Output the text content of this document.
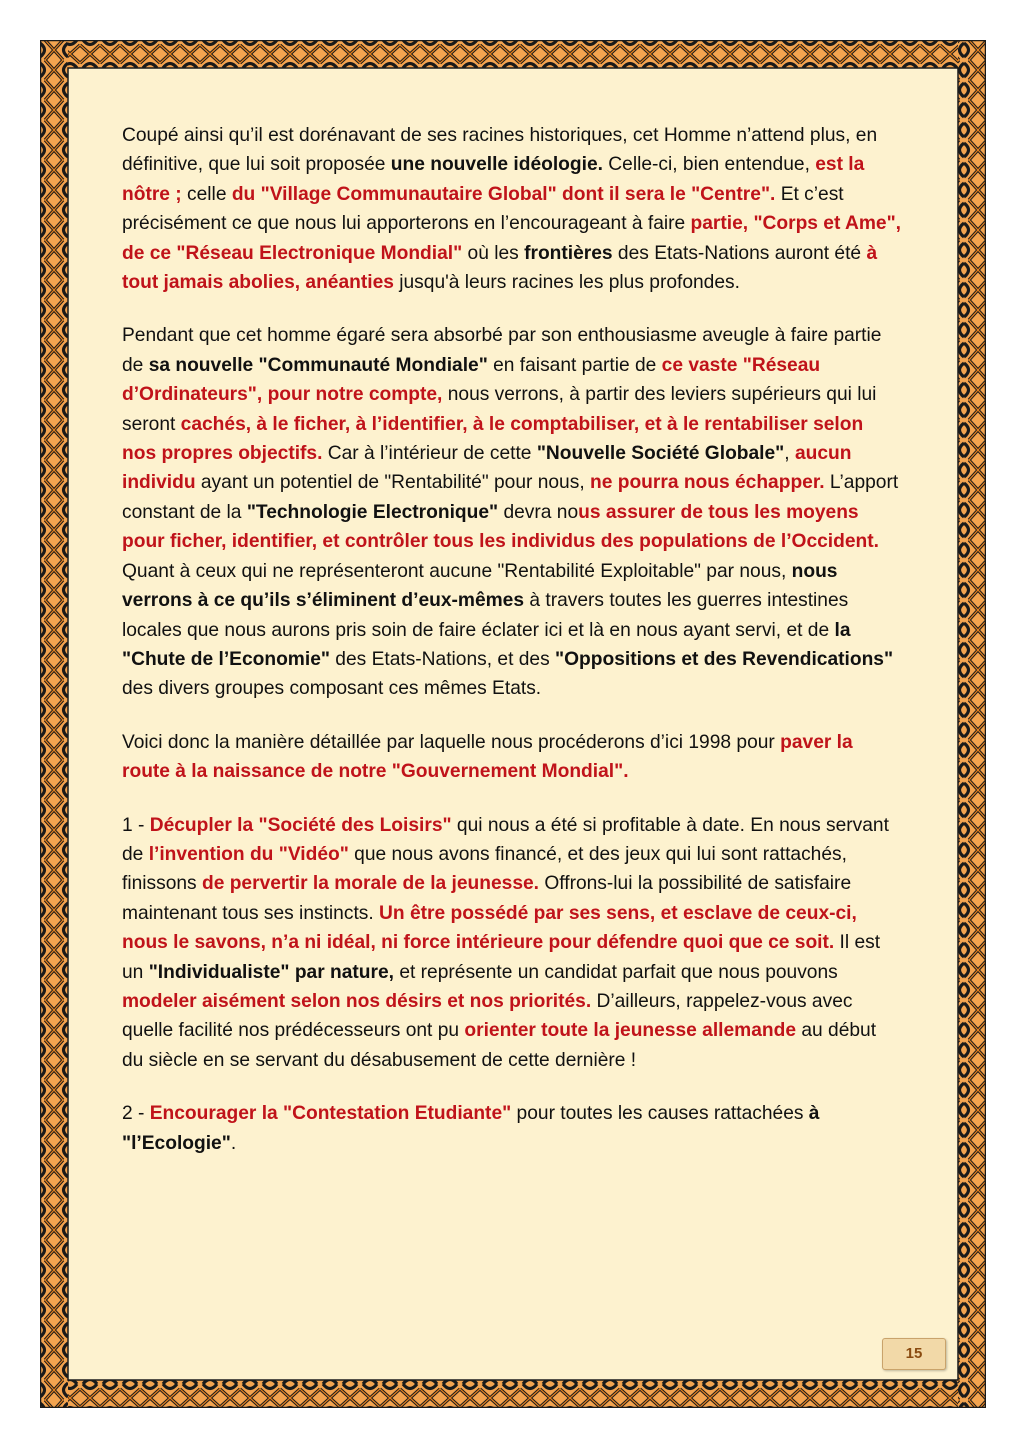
Coupé ainsi qu’il est dorénavant de ses racines historiques, cet Homme n’attend plus, en définitive, que lui soit proposée une nouvelle idéologie. Celle-ci, bien entendue, est la nôtre ; celle du "Village Communautaire Global" dont il sera le "Centre". Et c’est précisément ce que nous lui apporterons en l’encourageant à faire partie, "Corps et Ame", de ce "Réseau Electronique Mondial" où les frontières des Etats-Nations auront été à tout jamais abolies, anéanties jusqu'à leurs racines les plus profondes.

Pendant que cet homme égaré sera absorbé par son enthousiasme aveugle à faire partie de sa nouvelle "Communauté Mondiale" en faisant partie de ce vaste "Réseau d’Ordinateurs", pour notre compte, nous verrons, à partir des leviers supérieurs qui lui seront cachés, à le ficher, à l’identifier, à le comptabiliser, et à le rentabiliser selon nos propres objectifs. Car à l’intérieur de cette "Nouvelle Société Globale", aucun individu ayant un potentiel de "Rentabilité" pour nous, ne pourra nous échapper. L’apport constant de la "Technologie Electronique" devra nous assurer de tous les moyens pour ficher, identifier, et contrôler tous les individus des populations de l’Occident. Quant à ceux qui ne représenteront aucune "Rentabilité Exploitable" par nous, nous verrons à ce qu’ils s’éliminent d’eux-mêmes à travers toutes les guerres intestines locales que nous aurons pris soin de faire éclater ici et là en nous ayant servi, et de la "Chute de l’Economie" des Etats-Nations, et des "Oppositions et des Revendications" des divers groupes composant ces mêmes Etats.

Voici donc la manière détaillée par laquelle nous procéderons d’ici 1998 pour paver la route à la naissance de notre "Gouvernement Mondial".

1 - Décupler la "Société des Loisirs" qui nous a été si profitable à date. En nous servant de l’invention du "Vidéo" que nous avons financé, et des jeux qui lui sont rattachés, finissons de pervertir la morale de la jeunesse. Offrons-lui la possibilité de satisfaire maintenant tous ses instincts. Un être possédé par ses sens, et esclave de ceux-ci, nous le savons, n’a ni idéal, ni force intérieure pour défendre quoi que ce soit. Il est un "Individualiste" par nature, et représente un candidat parfait que nous pouvons modeler aisément selon nos désirs et nos priorités. D’ailleurs, rappelez-vous avec quelle facilité nos prédécesseurs ont pu orienter toute la jeunesse allemande au début du siècle en se servant du désabusement de cette dernière !

2 - Encourager la "Contestation Etudiante" pour toutes les causes rattachées à "l’Ecologie".

15
